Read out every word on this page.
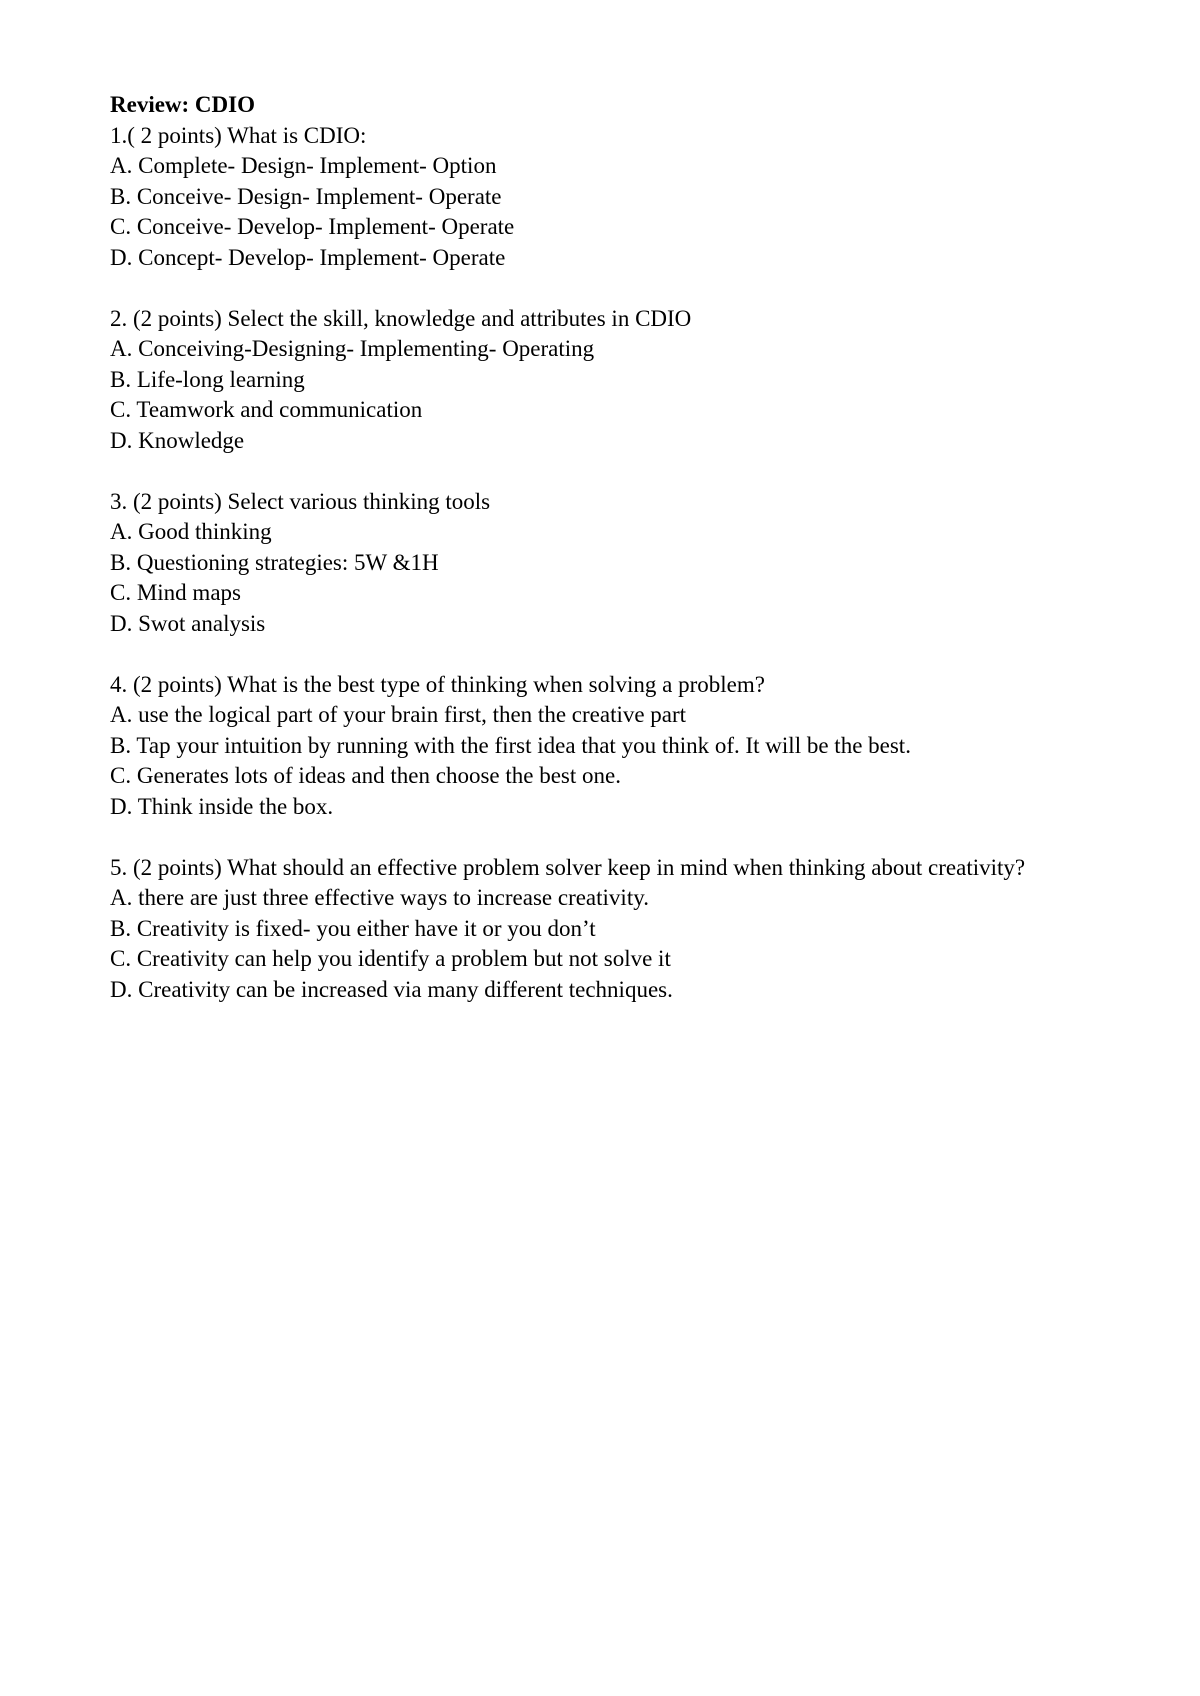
Review: CDIO

1.( 2 points) What is CDIO:

A. Complete- Design- Implement- Option

B. Conceive- Design- Implement- Operate

C. Conceive- Develop- Implement- Operate

D. Concept- Develop- Implement- Operate

2. (2 points) Select the skill, knowledge and attributes in CDIO

A. Conceiving-Designing- Implementing- Operating

B. Life-long learning

C. Teamwork and communication

D. Knowledge

3. (2 points) Select various thinking tools

A. Good thinking

B. Questioning strategies: 5W &1H

C. Mind maps

D. Swot analysis

4. (2 points) What is the best type of thinking when solving a problem?

A. use the logical part of your brain first, then the creative part

B. Tap your intuition by running with the first idea that you think of. It will be the best.

C. Generates lots of ideas and then choose the best one.

D. Think inside the box.

5. (2 points) What should an effective problem solver keep in mind when thinking about creativity?

A. there are just three effective ways to increase creativity.

B. Creativity is fixed- you either have it or you don’t

C. Creativity can help you identify a problem but not solve it

D. Creativity can be increased via many different techniques.
